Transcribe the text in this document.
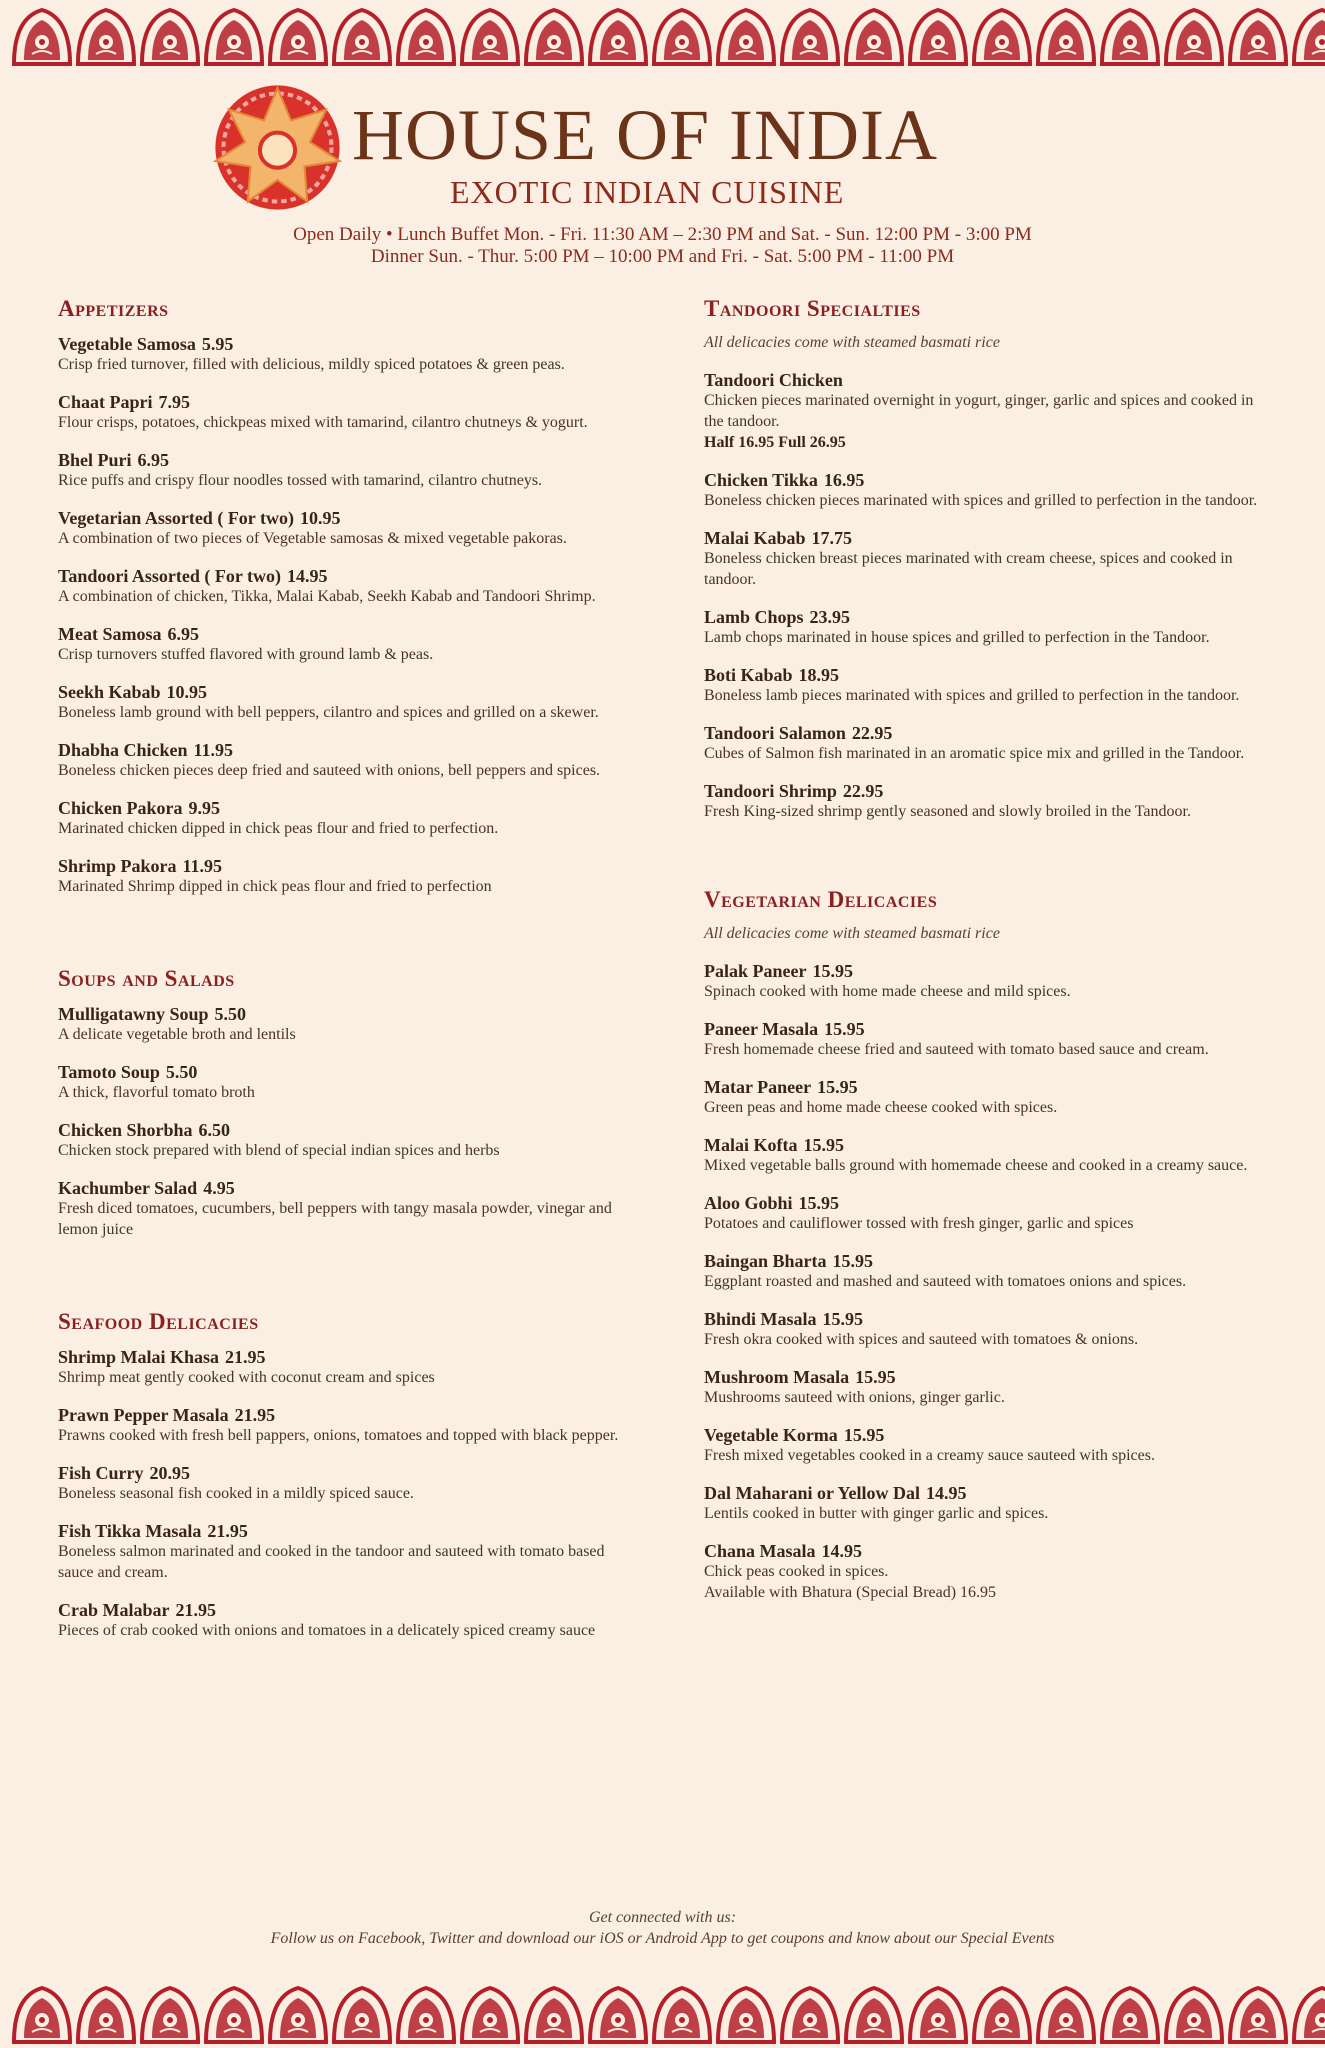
HOUSE OF INDIA
EXOTIC INDIAN CUISINE
Open Daily • Lunch Buffet Mon. - Fri. 11:30 AM – 2:30 PM and Sat. - Sun. 12:00 PM - 3:00 PM
Dinner Sun. - Thur. 5:00 PM – 10:00 PM and Fri. - Sat. 5:00 PM - 11:00 PM
Appetizers
Vegetable Samosa 5.95
Crisp fried turnover, filled with delicious, mildly spiced potatoes & green peas.
Chaat Papri 7.95
Flour crisps, potatoes, chickpeas mixed with tamarind, cilantro chutneys & yogurt.
Bhel Puri 6.95
Rice puffs and crispy flour noodles tossed with tamarind, cilantro chutneys.
Vegetarian Assorted ( For two) 10.95
A combination of two pieces of Vegetable samosas & mixed vegetable pakoras.
Tandoori Assorted ( For two) 14.95
A combination of chicken, Tikka, Malai Kabab, Seekh Kabab and Tandoori Shrimp.
Meat Samosa 6.95
Crisp turnovers stuffed flavored with ground lamb & peas.
Seekh Kabab 10.95
Boneless lamb ground with bell peppers, cilantro and spices and grilled on a skewer.
Dhabha Chicken 11.95
Boneless chicken pieces deep fried and sauteed with onions, bell peppers and spices.
Chicken Pakora 9.95
Marinated chicken dipped in chick peas flour and fried to perfection.
Shrimp Pakora 11.95
Marinated Shrimp dipped in chick peas flour and fried to perfection
Soups and Salads
Mulligatawny Soup 5.50
A delicate vegetable broth and lentils
Tamoto Soup 5.50
A thick, flavorful tomato broth
Chicken Shorbha 6.50
Chicken stock prepared with blend of special indian spices and herbs
Kachumber Salad 4.95
Fresh diced tomatoes, cucumbers, bell peppers with tangy masala powder, vinegar and lemon juice
Seafood Delicacies
Shrimp Malai Khasa 21.95
Shrimp meat gently cooked with coconut cream and spices
Prawn Pepper Masala 21.95
Prawns cooked with fresh bell pappers, onions, tomatoes and topped with black pepper.
Fish Curry 20.95
Boneless seasonal fish cooked in a mildly spiced sauce.
Fish Tikka Masala 21.95
Boneless salmon marinated and cooked in the tandoor and sauteed with tomato based sauce and cream.
Crab Malabar 21.95
Pieces of crab cooked with onions and tomatoes in a delicately spiced creamy sauce
Tandoori Specialties
All delicacies come with steamed basmati rice
Tandoori Chicken
Chicken pieces marinated overnight in yogurt, ginger, garlic and spices and cooked in the tandoor.
Half 16.95 Full 26.95
Chicken Tikka 16.95
Boneless chicken pieces marinated with spices and grilled to perfection in the tandoor.
Malai Kabab 17.75
Boneless chicken breast pieces marinated with cream cheese, spices and cooked in tandoor.
Lamb Chops 23.95
Lamb chops marinated in house spices and grilled to perfection in the Tandoor.
Boti Kabab 18.95
Boneless lamb pieces marinated with spices and grilled to perfection in the tandoor.
Tandoori Salamon 22.95
Cubes of Salmon fish marinated in an aromatic spice mix and grilled in the Tandoor.
Tandoori Shrimp 22.95
Fresh King-sized shrimp gently seasoned and slowly broiled in the Tandoor.
Vegetarian Delicacies
All delicacies come with steamed basmati rice
Palak Paneer 15.95
Spinach cooked with home made cheese and mild spices.
Paneer Masala 15.95
Fresh homemade cheese fried and sauteed with tomato based sauce and cream.
Matar Paneer 15.95
Green peas and home made cheese cooked with spices.
Malai Kofta 15.95
Mixed vegetable balls ground with homemade cheese and cooked in a creamy sauce.
Aloo Gobhi 15.95
Potatoes and cauliflower tossed with fresh ginger, garlic and spices
Baingan Bharta 15.95
Eggplant roasted and mashed and sauteed with tomatoes onions and spices.
Bhindi Masala 15.95
Fresh okra cooked with spices and sauteed with tomatoes & onions.
Mushroom Masala 15.95
Mushrooms sauteed with onions, ginger garlic.
Vegetable Korma 15.95
Fresh mixed vegetables cooked in a creamy sauce sauteed with spices.
Dal Maharani or Yellow Dal 14.95
Lentils cooked in butter with ginger garlic and spices.
Chana Masala 14.95
Chick peas cooked in spices.
Available with Bhatura (Special Bread) 16.95
Get connected with us:
Follow us on Facebook, Twitter and download our iOS or Android App to get coupons and know about our Special Events
